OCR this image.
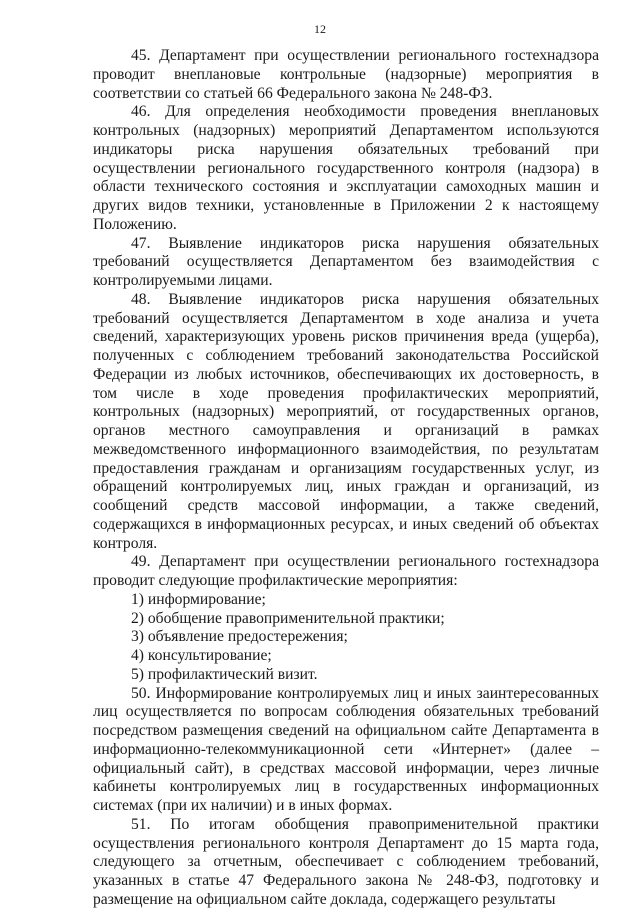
12

45. Департамент при осуществлении регионального гостехнадзора проводит внеплановые контрольные (надзорные) мероприятия в соответствии со статьей 66 Федерального закона № 248-ФЗ.

46. Для определения необходимости проведения внеплановых контрольных (надзорных) мероприятий Департаментом используются индикаторы риска нарушения обязательных требований при осуществлении регионального государственного контроля (надзора) в области технического состояния и эксплуатации самоходных машин и других видов техники, установленные в Приложении 2 к настоящему Положению.

47. Выявление индикаторов риска нарушения обязательных требований осуществляется Департаментом без взаимодействия с контролируемыми лицами.

48. Выявление индикаторов риска нарушения обязательных требований осуществляется Департаментом в ходе анализа и учета сведений, характеризующих уровень рисков причинения вреда (ущерба), полученных с соблюдением требований законодательства Российской Федерации из любых источников, обеспечивающих их достоверность, в том числе в ходе проведения профилактических мероприятий, контрольных (надзорных) мероприятий, от государственных органов, органов местного самоуправления и организаций в рамках межведомственного информационного взаимодействия, по результатам предоставления гражданам и организациям государственных услуг, из обращений контролируемых лиц, иных граждан и организаций, из сообщений средств массовой информации, а также сведений, содержащихся в информационных ресурсах, и иных сведений об объектах контроля.

49. Департамент при осуществлении регионального гостехнадзора проводит следующие профилактические мероприятия:

1) информирование;

2) обобщение правоприменительной практики;

3) объявление предостережения;

4) консультирование;

5) профилактический визит.

50. Информирование контролируемых лиц и иных заинтересованных лиц осуществляется по вопросам соблюдения обязательных требований посредством размещения сведений на официальном сайте Департамента в информационно-телекоммуникационной сети «Интернет» (далее – официальный сайт), в средствах массовой информации, через личные кабинеты контролируемых лиц в государственных информационных системах (при их наличии) и в иных формах.

51. По итогам обобщения правоприменительной практики осуществления регионального контроля Департамент до 15 марта года, следующего за отчетным, обеспечивает с соблюдением требований, указанных в статье 47 Федерального закона № 248-ФЗ, подготовку и размещение на официальном сайте доклада, содержащего результаты
